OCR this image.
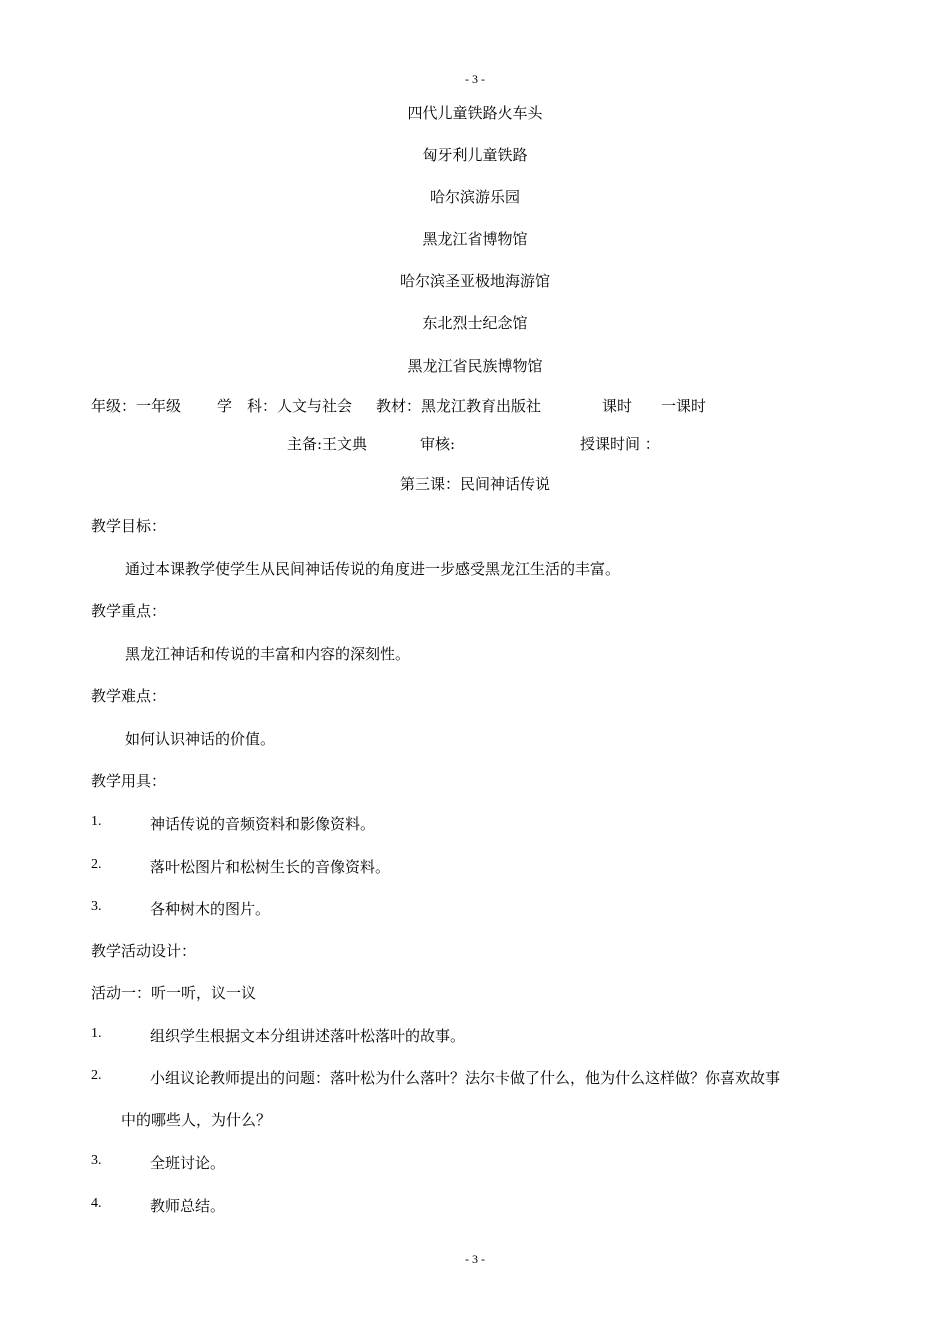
- 3 -
四代儿童铁路火车头
匈牙利儿童铁路
哈尔滨游乐园
黑龙江省博物馆
哈尔滨圣亚极地海游馆
东北烈士纪念馆
黑龙江省民族博物馆
年级：一年级 学　科：人文与社会 教材：黑龙江教育出版社	课时 一课时
主备:王文典	审核:	授课时间 ：
第三课：民间神话传说
教学目标：
通过本课教学使学生从民间神话传说的角度进一步感受黑龙江生活的丰富。
教学重点：
黑龙江神话和传说的丰富和内容的深刻性。
教学难点：
如何认识神话的价值。
教学用具：
1.	神话传说的音频资料和影像资料。
2.	落叶松图片和松树生长的音像资料。
3.	各种树木的图片。
教学活动设计：
活动一：听一听，议一议
1.	组织学生根据文本分组讲述落叶松落叶的故事。
2.	小组议论教师提出的问题：落叶松为什么落叶？法尔卡做了什么，他为什么这样做？你喜欢故事
中的哪些人，为什么？
3.	全班讨论。
4.	教师总结。
- 3 -
